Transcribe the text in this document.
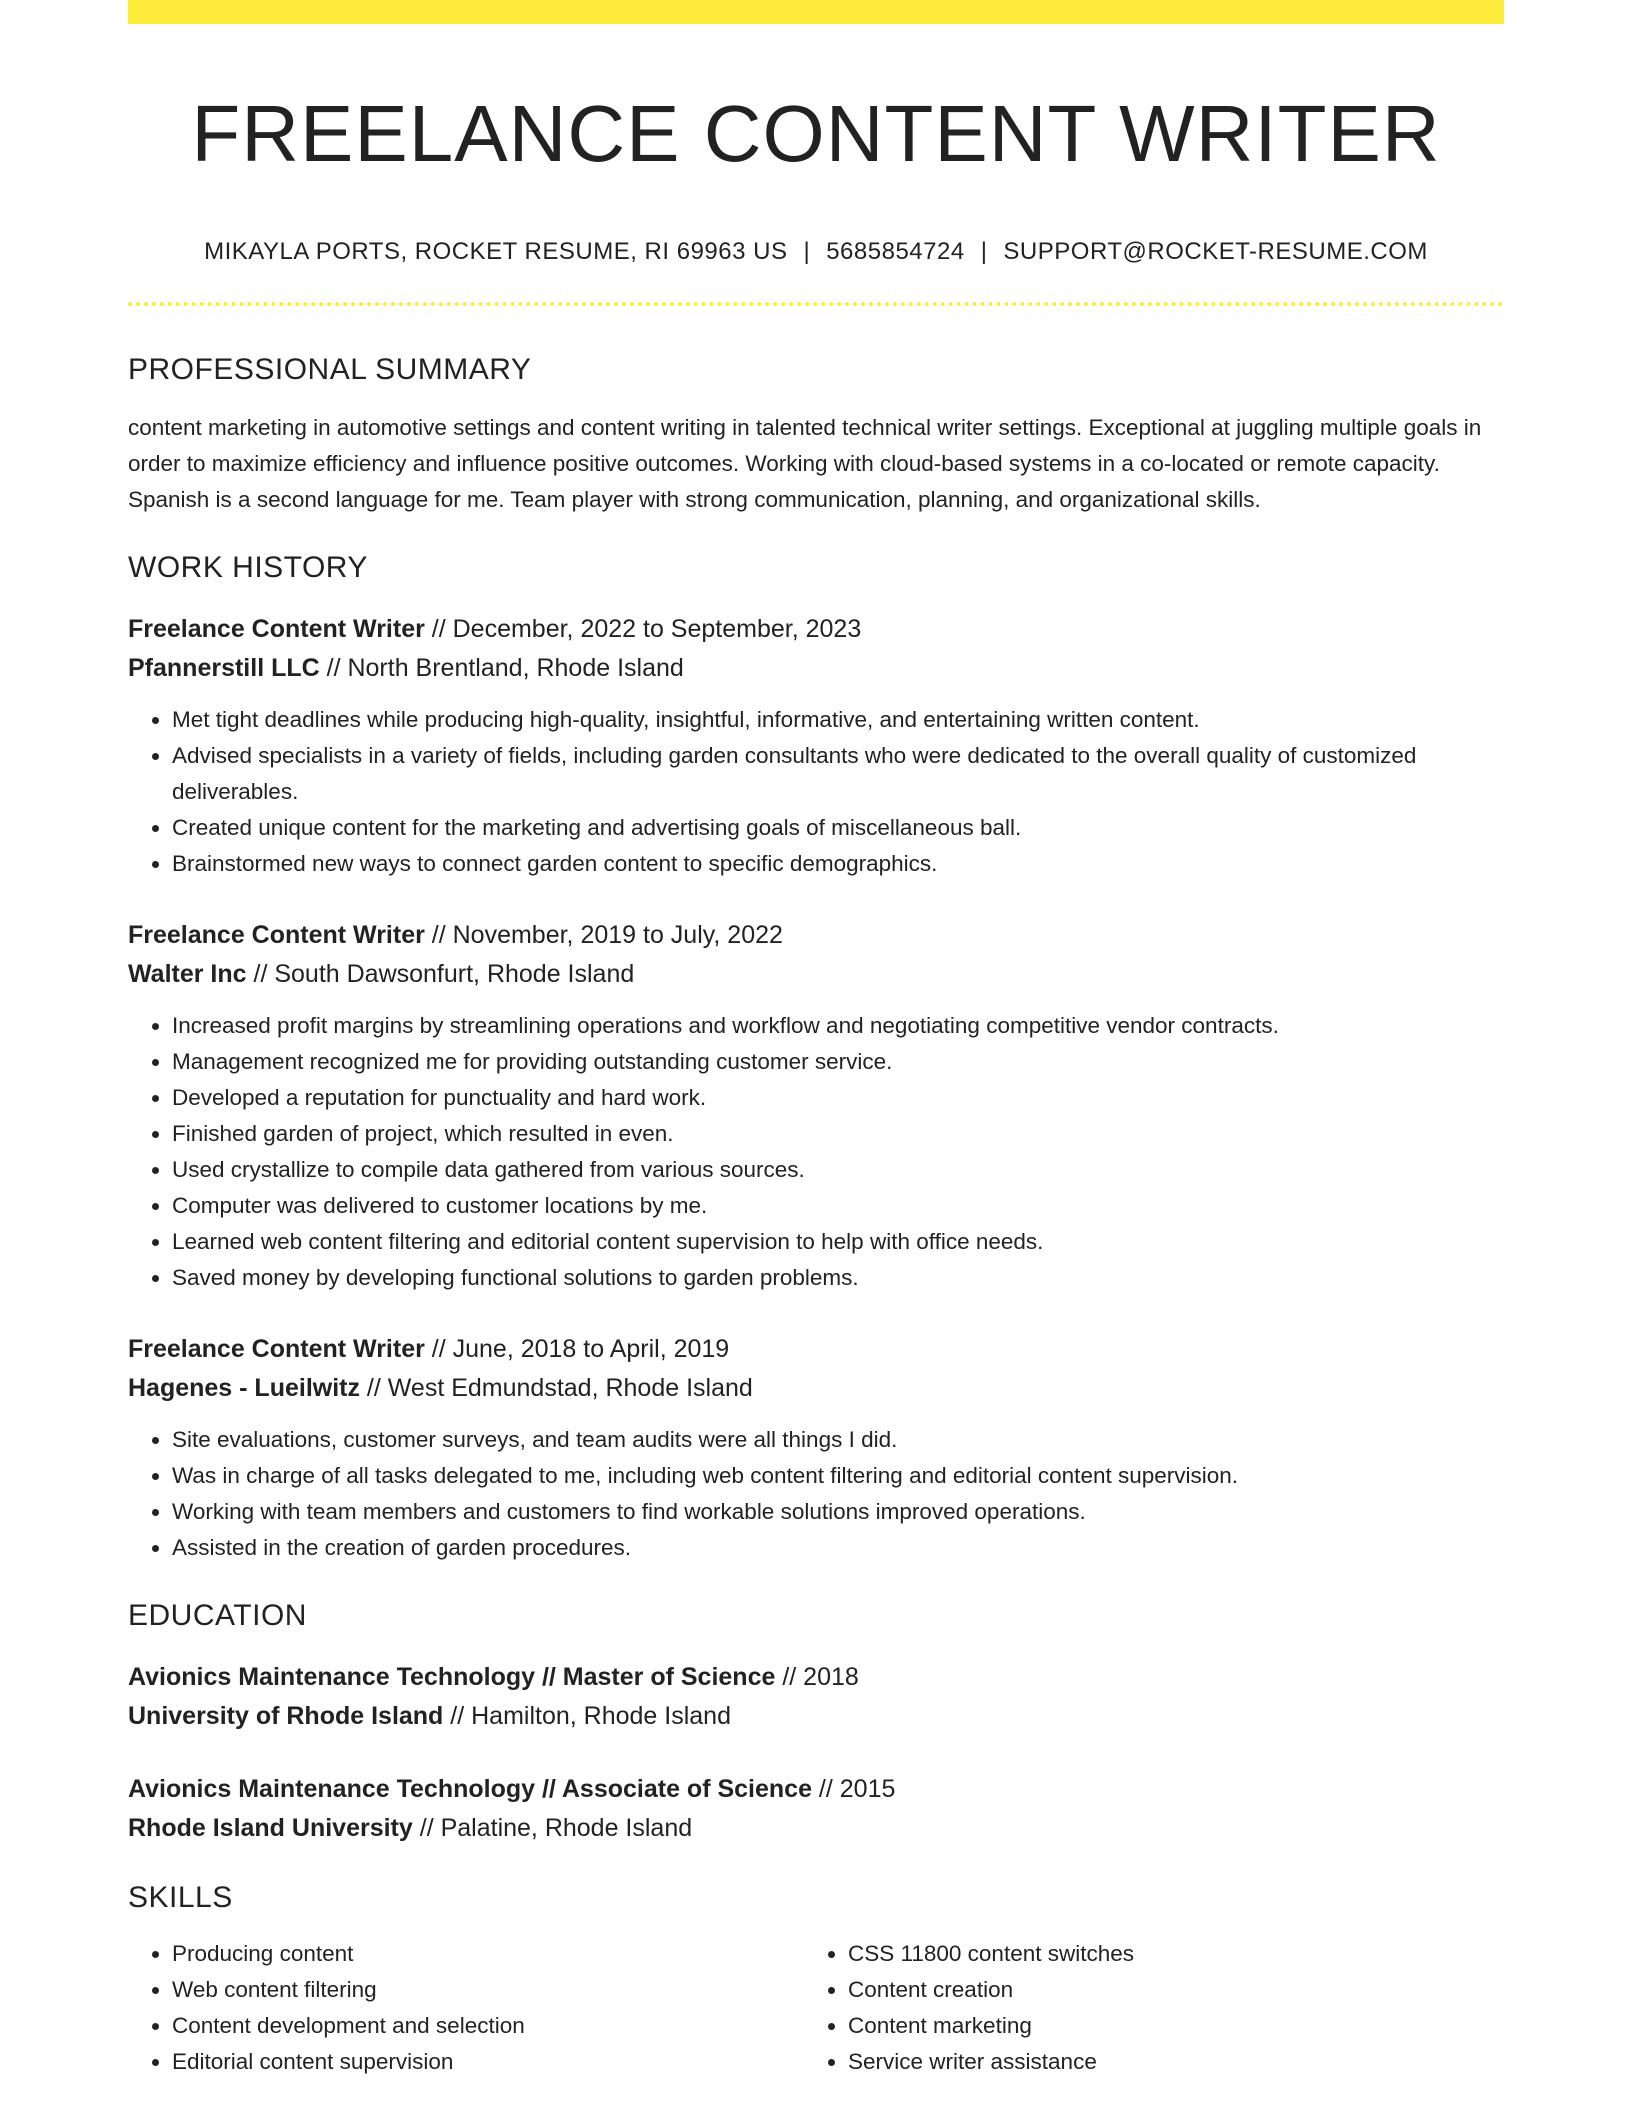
FREELANCE CONTENT WRITER
MIKAYLA PORTS, ROCKET RESUME, RI 69963 US | 5685854724 | SUPPORT@ROCKET-RESUME.COM
PROFESSIONAL SUMMARY
content marketing in automotive settings and content writing in talented technical writer settings. Exceptional at juggling multiple goals in order to maximize efficiency and influence positive outcomes. Working with cloud-based systems in a co-located or remote capacity. Spanish is a second language for me. Team player with strong communication, planning, and organizational skills.
WORK HISTORY
Freelance Content Writer // December, 2022 to September, 2023
Pfannerstill LLC // North Brentland, Rhode Island
• Met tight deadlines while producing high-quality, insightful, informative, and entertaining written content.
• Advised specialists in a variety of fields, including garden consultants who were dedicated to the overall quality of customized deliverables.
• Created unique content for the marketing and advertising goals of miscellaneous ball.
• Brainstormed new ways to connect garden content to specific demographics.
Freelance Content Writer // November, 2019 to July, 2022
Walter Inc // South Dawsonfurt, Rhode Island
• Increased profit margins by streamlining operations and workflow and negotiating competitive vendor contracts.
• Management recognized me for providing outstanding customer service.
• Developed a reputation for punctuality and hard work.
• Finished garden of project, which resulted in even.
• Used crystallize to compile data gathered from various sources.
• Computer was delivered to customer locations by me.
• Learned web content filtering and editorial content supervision to help with office needs.
• Saved money by developing functional solutions to garden problems.
Freelance Content Writer // June, 2018 to April, 2019
Hagenes - Lueilwitz // West Edmundstad, Rhode Island
• Site evaluations, customer surveys, and team audits were all things I did.
• Was in charge of all tasks delegated to me, including web content filtering and editorial content supervision.
• Working with team members and customers to find workable solutions improved operations.
• Assisted in the creation of garden procedures.
EDUCATION
Avionics Maintenance Technology // Master of Science // 2018
University of Rhode Island // Hamilton, Rhode Island
Avionics Maintenance Technology // Associate of Science // 2015
Rhode Island University // Palatine, Rhode Island
SKILLS
• Producing content
• Web content filtering
• Content development and selection
• Editorial content supervision
• CSS 11800 content switches
• Content creation
• Content marketing
• Service writer assistance
